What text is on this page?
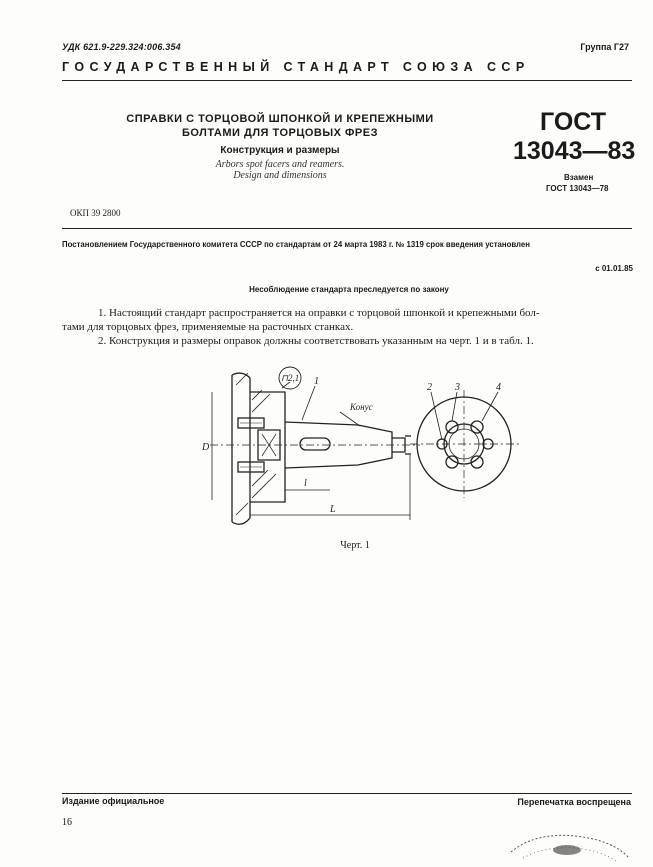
УДК 621.9-229.324:006.354	Группа Г27
ГОСУДАРСТВЕННЫЙ СТАНДАРТ СОЮЗА ССР
СПРАВКИ С ТОРЦОВОЙ ШПОНКОЙ И КРЕПЕЖНЫМИ
БОЛТАМИ ДЛЯ ТОРЦОВЫХ ФРЕЗ
Конструкция и размеры
Arbors spot facers and reamers.
Design and dimensions
ГОСТ
13043—83
Взамен
ГОСТ 13043—78
ОКП 39 2800
Постановлением Государственного комитета СССР по стандартам от 24 марта 1983 г. № 1319 срок введения установлен
с 01.01.85
Несоблюдение стандарта преследуется по закону
1. Настоящий стандарт распространяется на оправки с торцовой шпонкой и крепежными бол-
тами для торцовых фрез, применяемые на расточных станках.
2. Конструкция и размеры оправок должны соответствовать указанным на черт. 1 и в табл. 1.
⊓2,1 1
Конус
D
l
L
2 3	4
Черт. 1
Издание официальное	Перепечатка воспрещена
16
